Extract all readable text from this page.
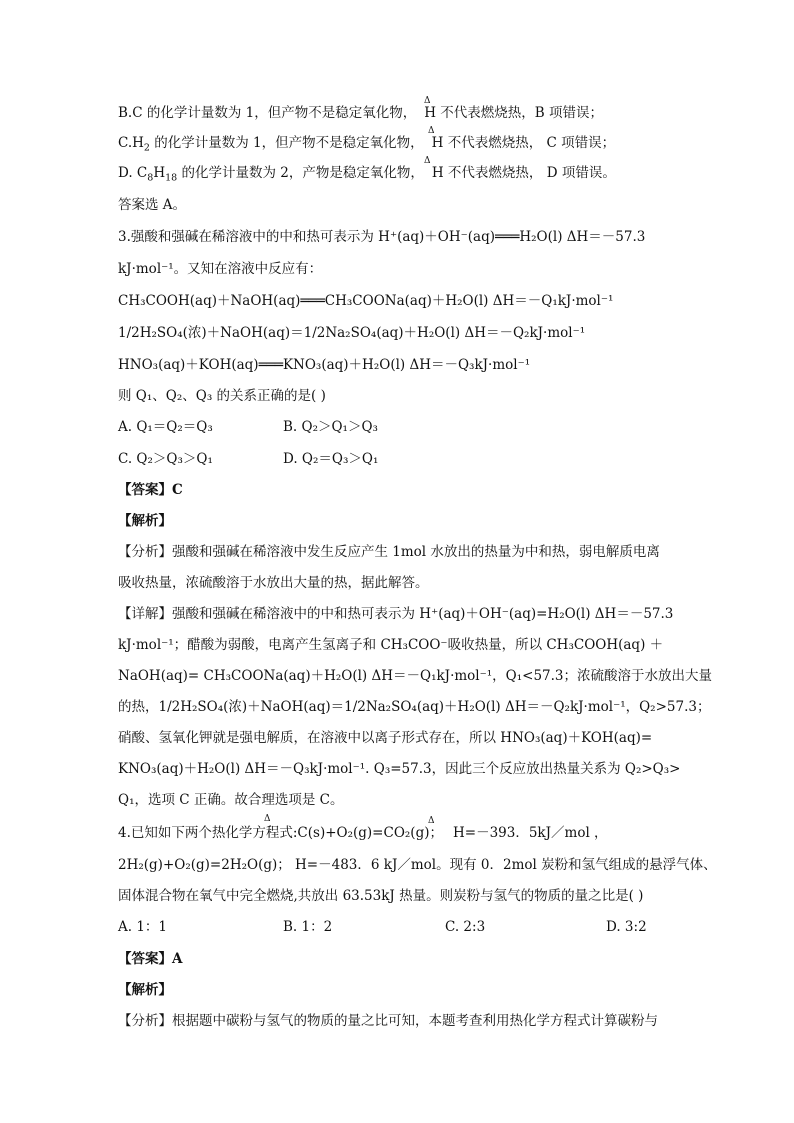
B.C 的化学计量数为 1，但产物不是稳定氧化物， H 不代表燃烧热，B 项错误；
Δ
$C.H_2$ 的化学计量数为 1，但产物不是稳定氧化物， H 不代表燃烧热， C 项错误；
Δ
D. $C_8H_{18}$ 的化学计量数为 2，产物是稳定氧化物， H 不代表燃烧热， D 项错误。
Δ
答案选 A。
3.强酸和强碱在稀溶液中的中和热可表示为 H⁺(aq)＋OH⁻(aq)═══H₂O(l) ΔH＝－57.3
kJ·mol⁻¹。又知在溶液中反应有：
CH₃COOH(aq)＋NaOH(aq)═══CH₃COONa(aq)＋H₂O(l) ΔH＝－Q₁kJ·mol⁻¹
1/2H₂SO₄(浓)＋NaOH(aq)＝1/2Na₂SO₄(aq)＋H₂O(l) ΔH＝－Q₂kJ·mol⁻¹
HNO₃(aq)＋KOH(aq)═══KNO₃(aq)＋H₂O(l) ΔH＝－Q₃kJ·mol⁻¹
则 Q₁、Q₂、Q₃ 的关系正确的是( )
A. Q₁＝Q₂＝Q₃	B. Q₂＞Q₁＞Q₃
C. Q₂＞Q₃＞Q₁	D. Q₂＝Q₃＞Q₁
【答案】C
【解析】
【分析】强酸和强碱在稀溶液中发生反应产生 1mol 水放出的热量为中和热，弱电解质电离
吸收热量，浓硫酸溶于水放出大量的热，据此解答。
【详解】强酸和强碱在稀溶液中的中和热可表示为 H⁺(aq)＋OH⁻(aq)=H₂O(l) ΔH＝－57.3
kJ·mol⁻¹；醋酸为弱酸，电离产生氢离子和 CH₃COO⁻吸收热量，所以 CH₃COOH(aq) ＋
NaOH(aq)= CH₃COONa(aq)＋H₂O(l) ΔH＝－Q₁kJ·mol⁻¹，Q₁<57.3；浓硫酸溶于水放出大量
的热，1/2H₂SO₄(浓)＋NaOH(aq)＝1/2Na₂SO₄(aq)＋H₂O(l) ΔH＝－Q₂kJ·mol⁻¹，Q₂>57.3；
硝酸、氢氧化钾就是强电解质，在溶液中以离子形式存在，所以 HNO₃(aq)＋KOH(aq)=
KNO₃(aq)＋H₂O(l) ΔH＝－Q₃kJ·mol⁻¹. Q₃=57.3，因此三个反应放出热量关系为 Q₂>Q₃>
Q₁，选项 C 正确。故合理选项是 C。
4.已知如下两个热化学方程式:C(s)+O₂(g)=CO₂(g)； H=－393．5kJ／mol ，
Δ	Δ
2H₂(g)+O₂(g)=2H₂O(g)； H=－483．6 kJ／mol。现有 0．2mol 炭粉和氢气组成的悬浮气体、
固体混合物在氧气中完全燃烧,共放出 63.53kJ 热量。则炭粉与氢气的物质的量之比是( )
A. 1：1	B. 1：2	C. 2:3	D. 3:2
【答案】A
【解析】
【分析】根据题中碳粉与氢气的物质的量之比可知，本题考查利用热化学方程式计算碳粉与
